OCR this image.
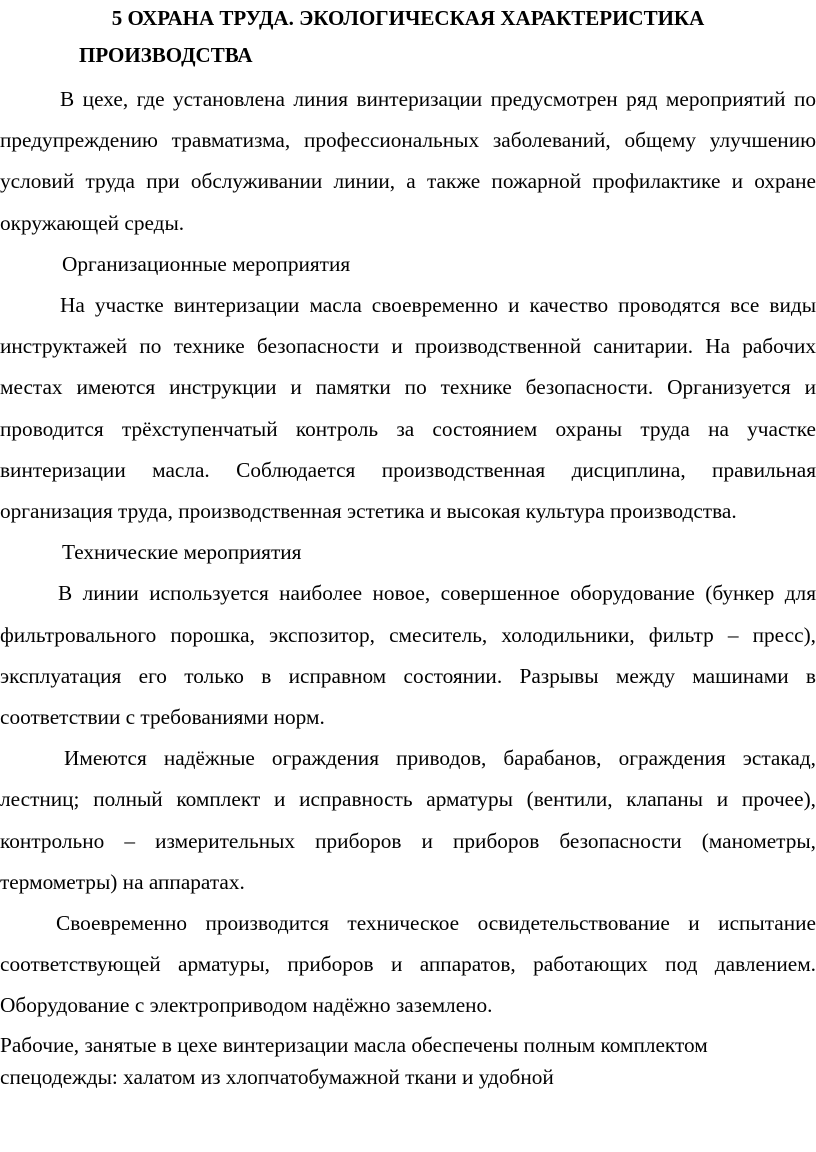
5 ОХРАНА ТРУДА. ЭКОЛОГИЧЕСКАЯ ХАРАКТЕРИСТИКА
ПРОИЗВОДСТВА

В цехе, где установлена линия винтеризации предусмотрен ряд мероприятий по предупреждению травматизма, профессиональных заболеваний, общему улучшению условий труда при обслуживании линии, а также пожарной профилактике и охране окружающей среды.

Организационные мероприятия

На участке винтеризации масла своевременно и качество проводятся все виды инструктажей по технике безопасности и производственной санитарии. На рабочих местах имеются инструкции и памятки по технике безопасности. Организуется и проводится трёхступенчатый контроль за состоянием охраны труда на участке винтеризации масла. Соблюдается производственная дисциплина, правильная организация труда, производственная эстетика и высокая культура производства.

Технические мероприятия

В линии используется наиболее новое, совершенное оборудование (бункер для фильтровального порошка, экспозитор, смеситель, холодильники, фильтр – пресс), эксплуатация его только в исправном состоянии. Разрывы между машинами в соответствии с требованиями норм.

Имеются надёжные ограждения приводов, барабанов, ограждения эстакад, лестниц; полный комплект и исправность арматуры (вентили, клапаны и прочее), контрольно – измерительных приборов и приборов безопасности (манометры, термометры) на аппаратах.

Своевременно производится техническое освидетельствование и испытание соответствующей арматуры, приборов и аппаратов, работающих под давлением. Оборудование с электроприводом надёжно заземлено.

Рабочие, занятые в цехе винтеризации масла обеспечены полным комплектом спецодежды: халатом из хлопчатобумажной ткани и удобной
